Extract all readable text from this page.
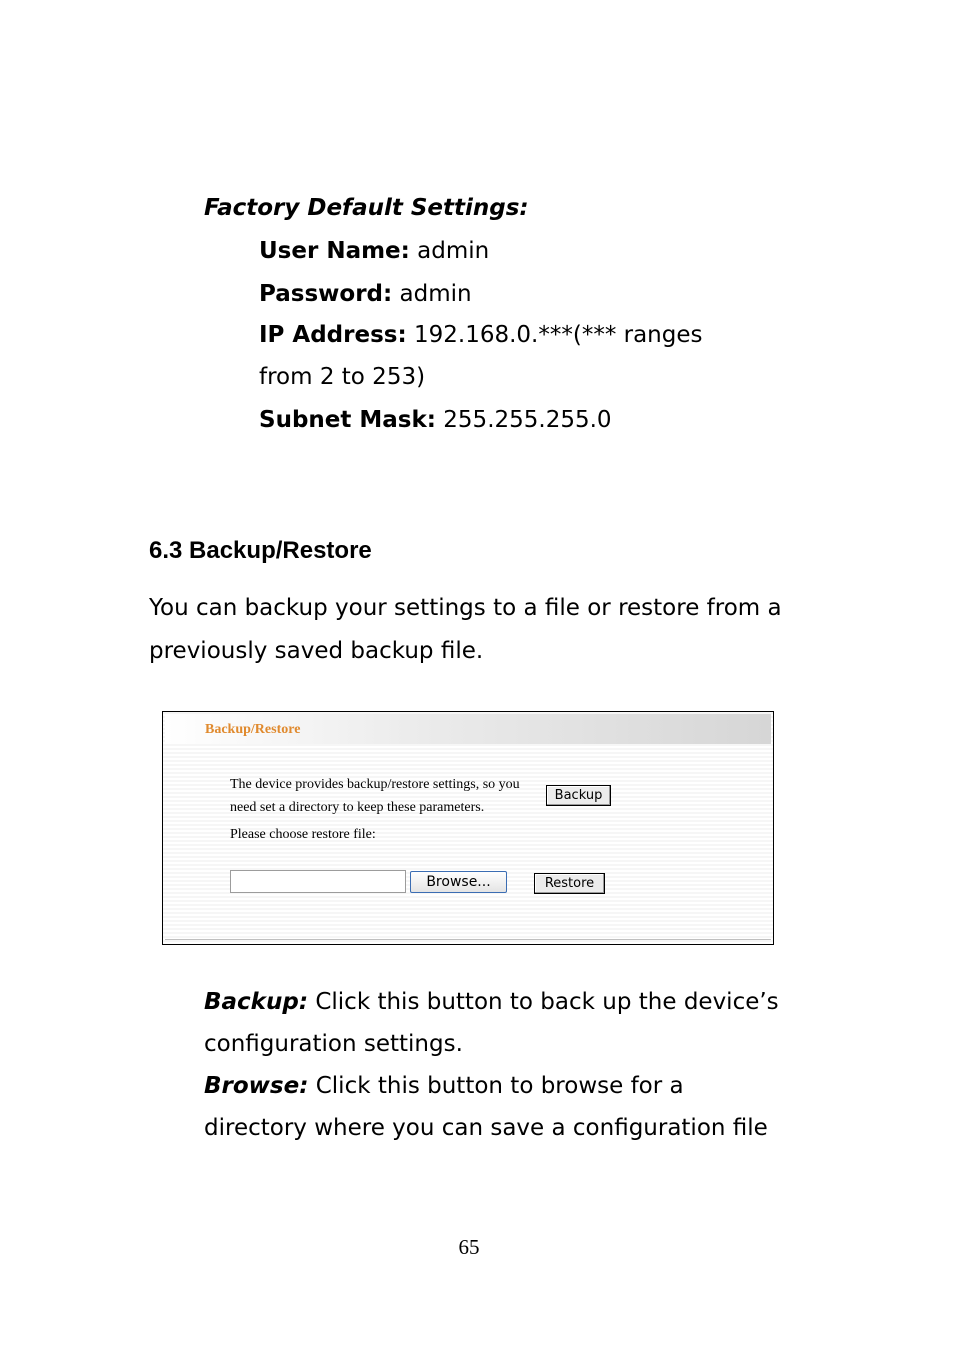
Factory Default Settings:
User Name: admin
Password: admin
IP Address: 192.168.0.***(*** ranges
from 2 to 253)
Subnet Mask: 255.255.255.0
6.3 Backup/Restore
You can backup your settings to a file or restore from a
previously saved backup file.
Backup/Restore
The device provides backup/restore settings, so you
need set a directory to keep these parameters.
Please choose restore file:
Backup
Browse...	Restore
Backup: Click this button to back up the device’s
configuration settings.
Browse: Click this button to browse for a
directory where you can save a configuration file
65
